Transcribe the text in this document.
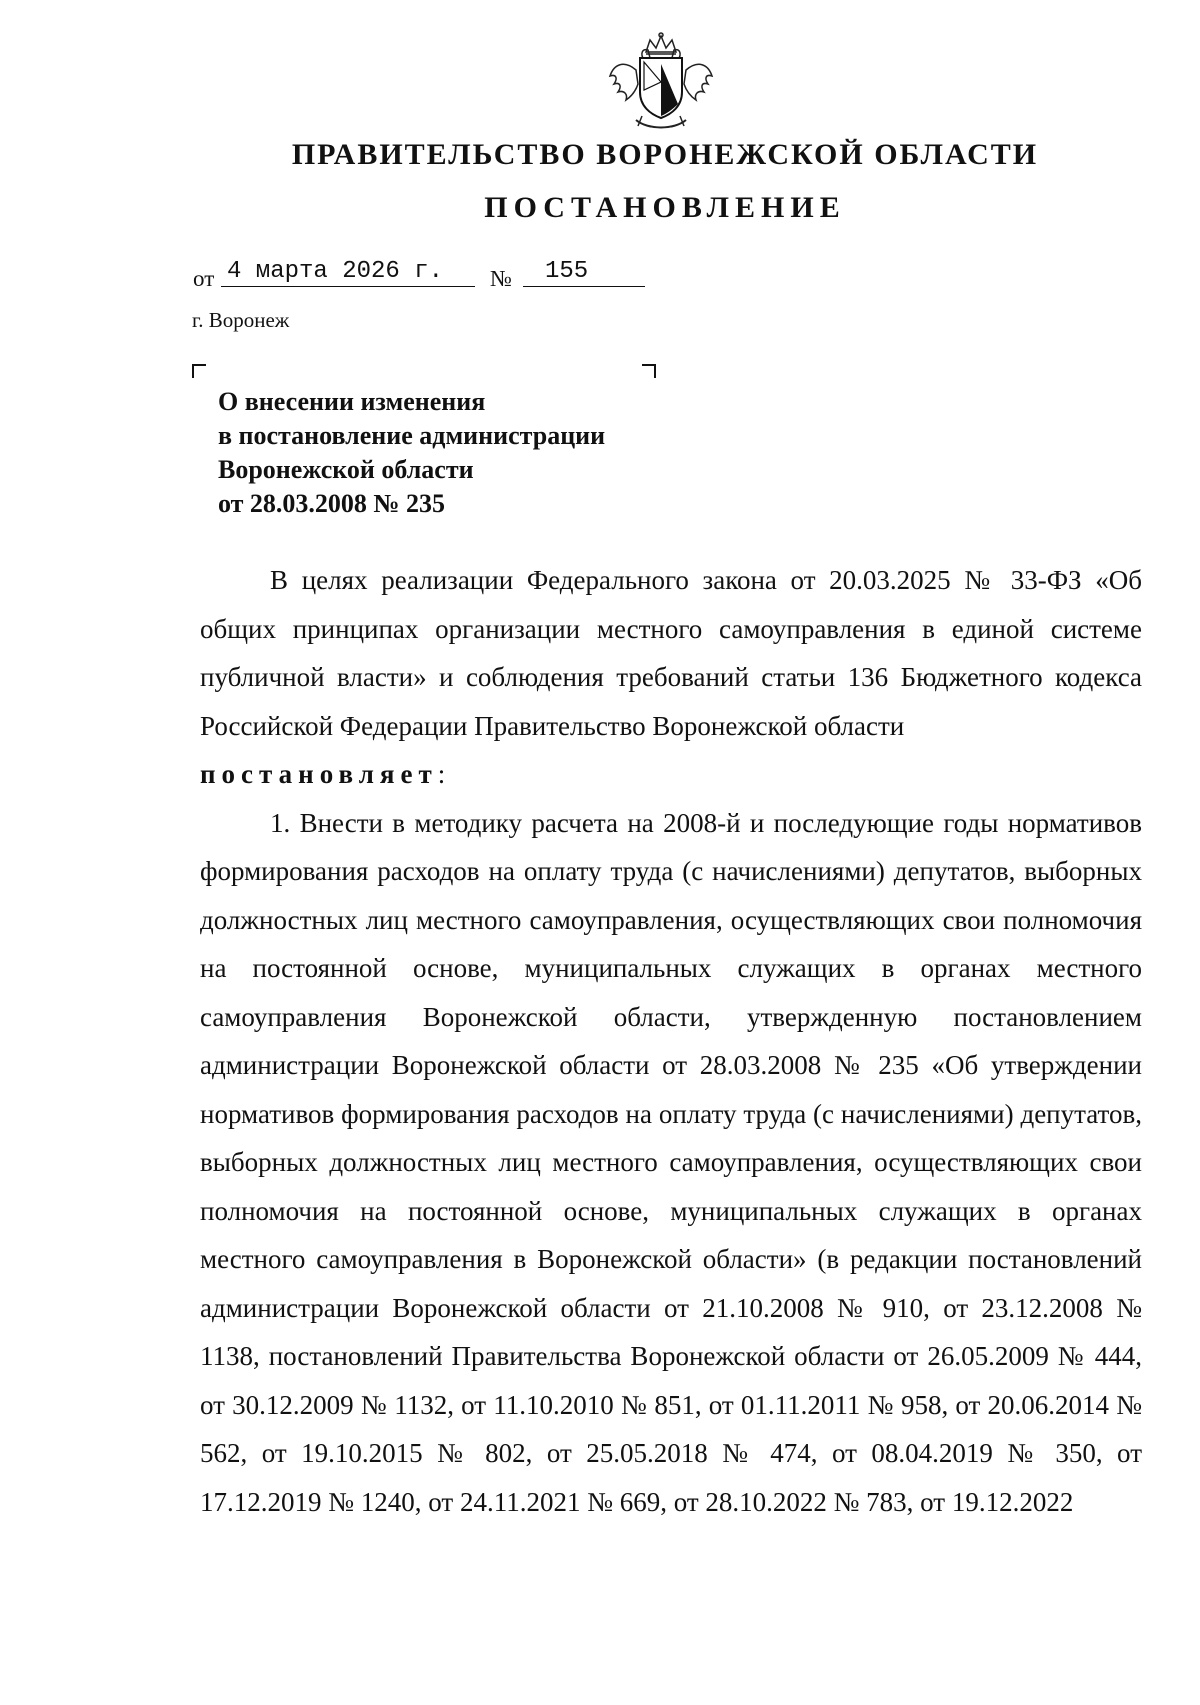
ПРАВИТЕЛЬСТВО ВОРОНЕЖСКОЙ ОБЛАСТИ
ПОСТАНОВЛЕНИЕ
от 4 марта 2026 г.	№	155
г. Воронеж
О внесении изменения
в постановление администрации
Воронежской области
от 28.03.2008 № 235

В целях реализации Федерального закона от 20.03.2025 № 33-ФЗ «Об общих принципах организации местного самоуправления в единой системе публичной власти» и соблюдения требований статьи 136 Бюджетного кодекса Российской Федерации Правительство Воронежской области

постановляет:

1. Внести в методику расчета на 2008-й и последующие годы нормативов формирования расходов на оплату труда (с начислениями) депутатов, выборных должностных лиц местного самоуправления, осуществляющих свои полномочия на постоянной основе, муниципальных служащих в органах местного самоуправления Воронежской области, утвержденную постановлением администрации Воронежской области от 28.03.2008 № 235 «Об утверждении нормативов формирования расходов на оплату труда (с начислениями) депутатов, выборных должностных лиц местного самоуправления, осуществляющих свои полномочия на постоянной основе, муниципальных служащих в органах местного самоуправления в Воронежской области» (в редакции постановлений администрации Воронежской области от 21.10.2008 № 910, от 23.12.2008 № 1138, постановлений Правительства Воронежской области от 26.05.2009 № 444, от 30.12.2009 № 1132, от 11.10.2010 № 851, от 01.11.2011 № 958, от 20.06.2014 № 562, от 19.10.2015 № 802, от 25.05.2018 № 474, от 08.04.2019 № 350, от 17.12.2019 № 1240, от 24.11.2021 № 669, от 28.10.2022 № 783, от 19.12.2022
